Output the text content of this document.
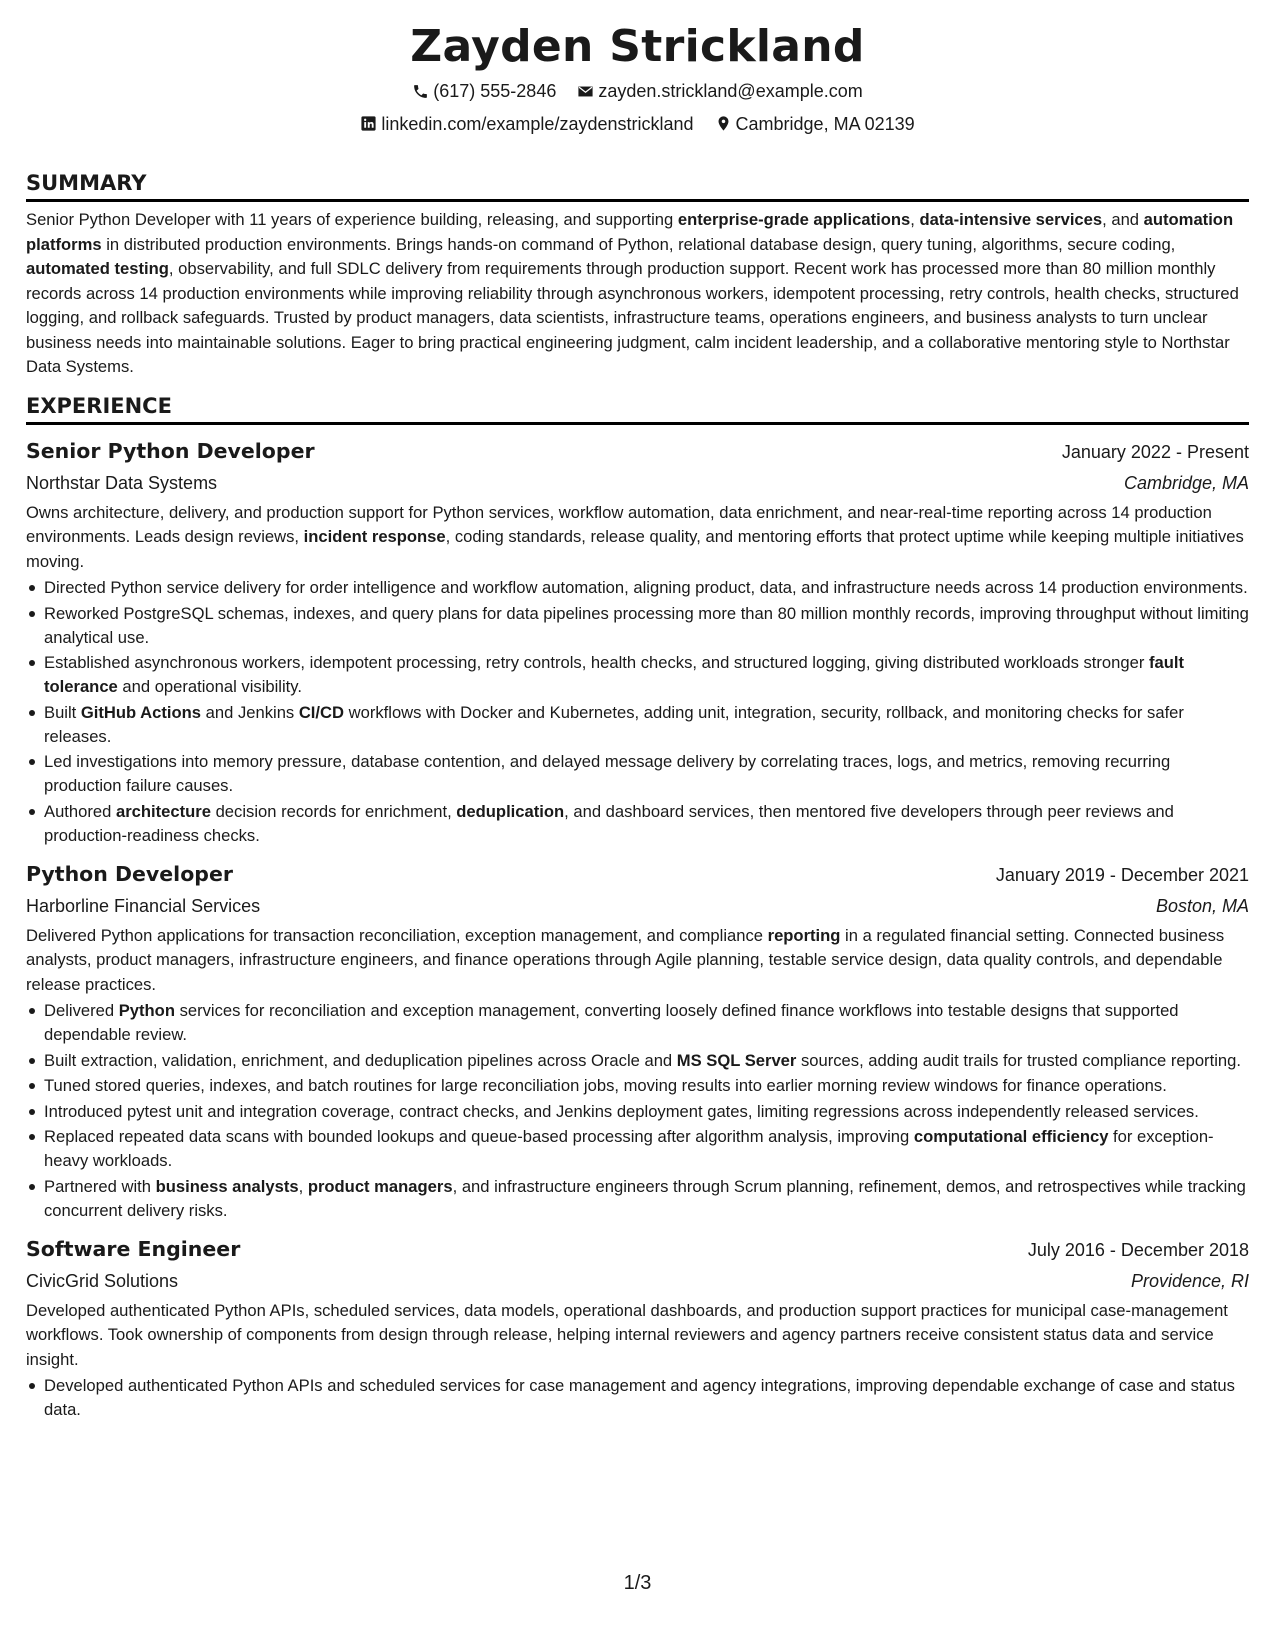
Zayden Strickland
(617) 555-2846
zayden.strickland@example.com
linkedin.com/example/zaydenstrickland
Cambridge, MA 02139
SUMMARY

Senior Python Developer with 11 years of experience building, releasing, and supporting enterprise-grade applications, data-intensive services, and automation platforms in distributed production environments. Brings hands-on command of Python, relational database design, query tuning, algorithms, secure coding, automated testing, observability, and full SDLC delivery from requirements through production support. Recent work has processed more than 80 million monthly records across 14 production environments while improving reliability through asynchronous workers, idempotent processing, retry controls, health checks, structured logging, and rollback safeguards. Trusted by product managers, data scientists, infrastructure teams, operations engineers, and business analysts to turn unclear business needs into maintainable solutions. Eager to bring practical engineering judgment, calm incident leadership, and a collaborative mentoring style to Northstar Data Systems.

EXPERIENCE
Senior Python Developer	January 2022 - Present
Northstar Data Systems	Cambridge, MA

Owns architecture, delivery, and production support for Python services, workflow automation, data enrichment, and near-real-time reporting across 14 production environments. Leads design reviews, incident response, coding standards, release quality, and mentoring efforts that protect uptime while keeping multiple initiatives moving.

Directed Python service delivery for order intelligence and workflow automation, aligning product, data, and infrastructure needs across 14 production environments.
Reworked PostgreSQL schemas, indexes, and query plans for data pipelines processing more than 80 million monthly records, improving throughput without limiting analytical use.
Established asynchronous workers, idempotent processing, retry controls, health checks, and structured logging, giving distributed workloads stronger fault tolerance and operational visibility.
Built GitHub Actions and Jenkins CI/CD workflows with Docker and Kubernetes, adding unit, integration, security, rollback, and monitoring checks for safer releases.
Led investigations into memory pressure, database contention, and delayed message delivery by correlating traces, logs, and metrics, removing recurring production failure causes.
Authored architecture decision records for enrichment, deduplication, and dashboard services, then mentored five developers through peer reviews and production-readiness checks.
Python Developer	January 2019 - December 2021
Harborline Financial Services	Boston, MA

Delivered Python applications for transaction reconciliation, exception management, and compliance reporting in a regulated financial setting. Connected business analysts, product managers, infrastructure engineers, and finance operations through Agile planning, testable service design, data quality controls, and dependable release practices.

Delivered Python services for reconciliation and exception management, converting loosely defined finance workflows into testable designs that supported dependable review.
Built extraction, validation, enrichment, and deduplication pipelines across Oracle and MS SQL Server sources, adding audit trails for trusted compliance reporting.
Tuned stored queries, indexes, and batch routines for large reconciliation jobs, moving results into earlier morning review windows for finance operations.
Introduced pytest unit and integration coverage, contract checks, and Jenkins deployment gates, limiting regressions across independently released services.
Replaced repeated data scans with bounded lookups and queue-based processing after algorithm analysis, improving computational efficiency for exception-heavy workloads.
Partnered with business analysts, product managers, and infrastructure engineers through Scrum planning, refinement, demos, and retrospectives while tracking concurrent delivery risks.
Software Engineer	July 2016 - December 2018
CivicGrid Solutions	Providence, RI

Developed authenticated Python APIs, scheduled services, data models, operational dashboards, and production support practices for municipal case-management workflows. Took ownership of components from design through release, helping internal reviewers and agency partners receive consistent status data and service insight.

Developed authenticated Python APIs and scheduled services for case management and agency integrations, improving dependable exchange of case and status data.
1/3
